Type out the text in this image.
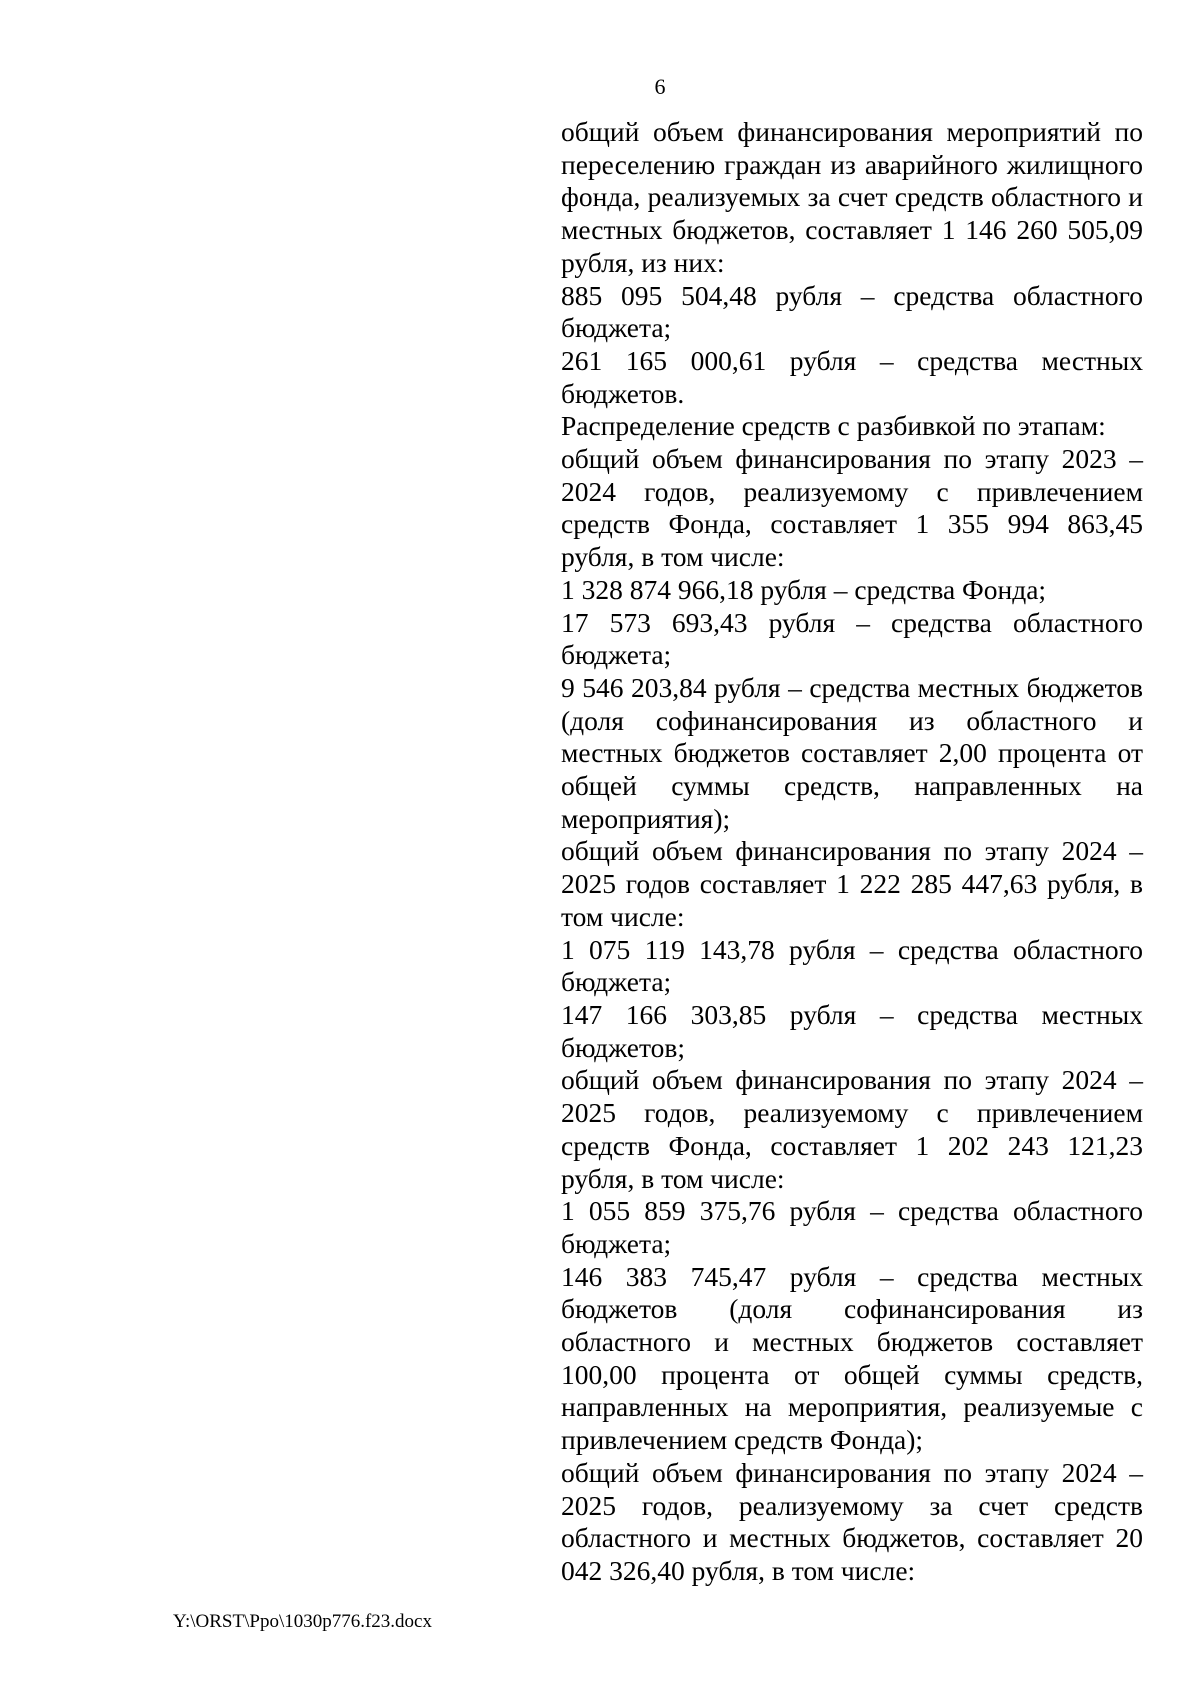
6

общий объем финансирования мероприятий по переселению граждан из аварийного жилищного фонда, реализуемых за счет средств областного и местных бюджетов, составляет 1 146 260 505,09 рубля, из них:

885 095 504,48 рубля – средства областного бюджета;

261 165 000,61 рубля – средства местных бюджетов.

Распределение средств с разбивкой по этапам:

общий объем финансирования по этапу 2023 – 2024 годов, реализуемому с привлечением средств Фонда, составляет 1 355 994 863,45 рубля, в том числе:

1 328 874 966,18 рубля – средства Фонда;

17 573 693,43 рубля – средства областного бюджета;

9 546 203,84 рубля – средства местных бюджетов (доля софинансирования из областного и местных бюджетов составляет 2,00 процента от общей суммы средств, направленных на мероприятия);

общий объем финансирования по этапу 2024 – 2025 годов составляет 1 222 285 447,63 рубля, в том числе:

1 075 119 143,78 рубля – средства областного бюджета;

147 166 303,85 рубля – средства местных бюджетов;

общий объем финансирования по этапу 2024 – 2025 годов, реализуемому с привлечением средств Фонда, составляет 1 202 243 121,23 рубля, в том числе:

1 055 859 375,76 рубля – средства областного бюджета;

146 383 745,47 рубля – средства местных бюджетов (доля софинансирования из областного и местных бюджетов составляет 100,00 процента от общей суммы средств, направленных на мероприятия, реализуемые с привлечением средств Фонда);

общий объем финансирования по этапу 2024 – 2025 годов, реализуемому за счет средств областного и местных бюджетов, составляет 20 042 326,40 рубля, в том числе:

Y:\ORST\Ppo\1030p776.f23.docx
